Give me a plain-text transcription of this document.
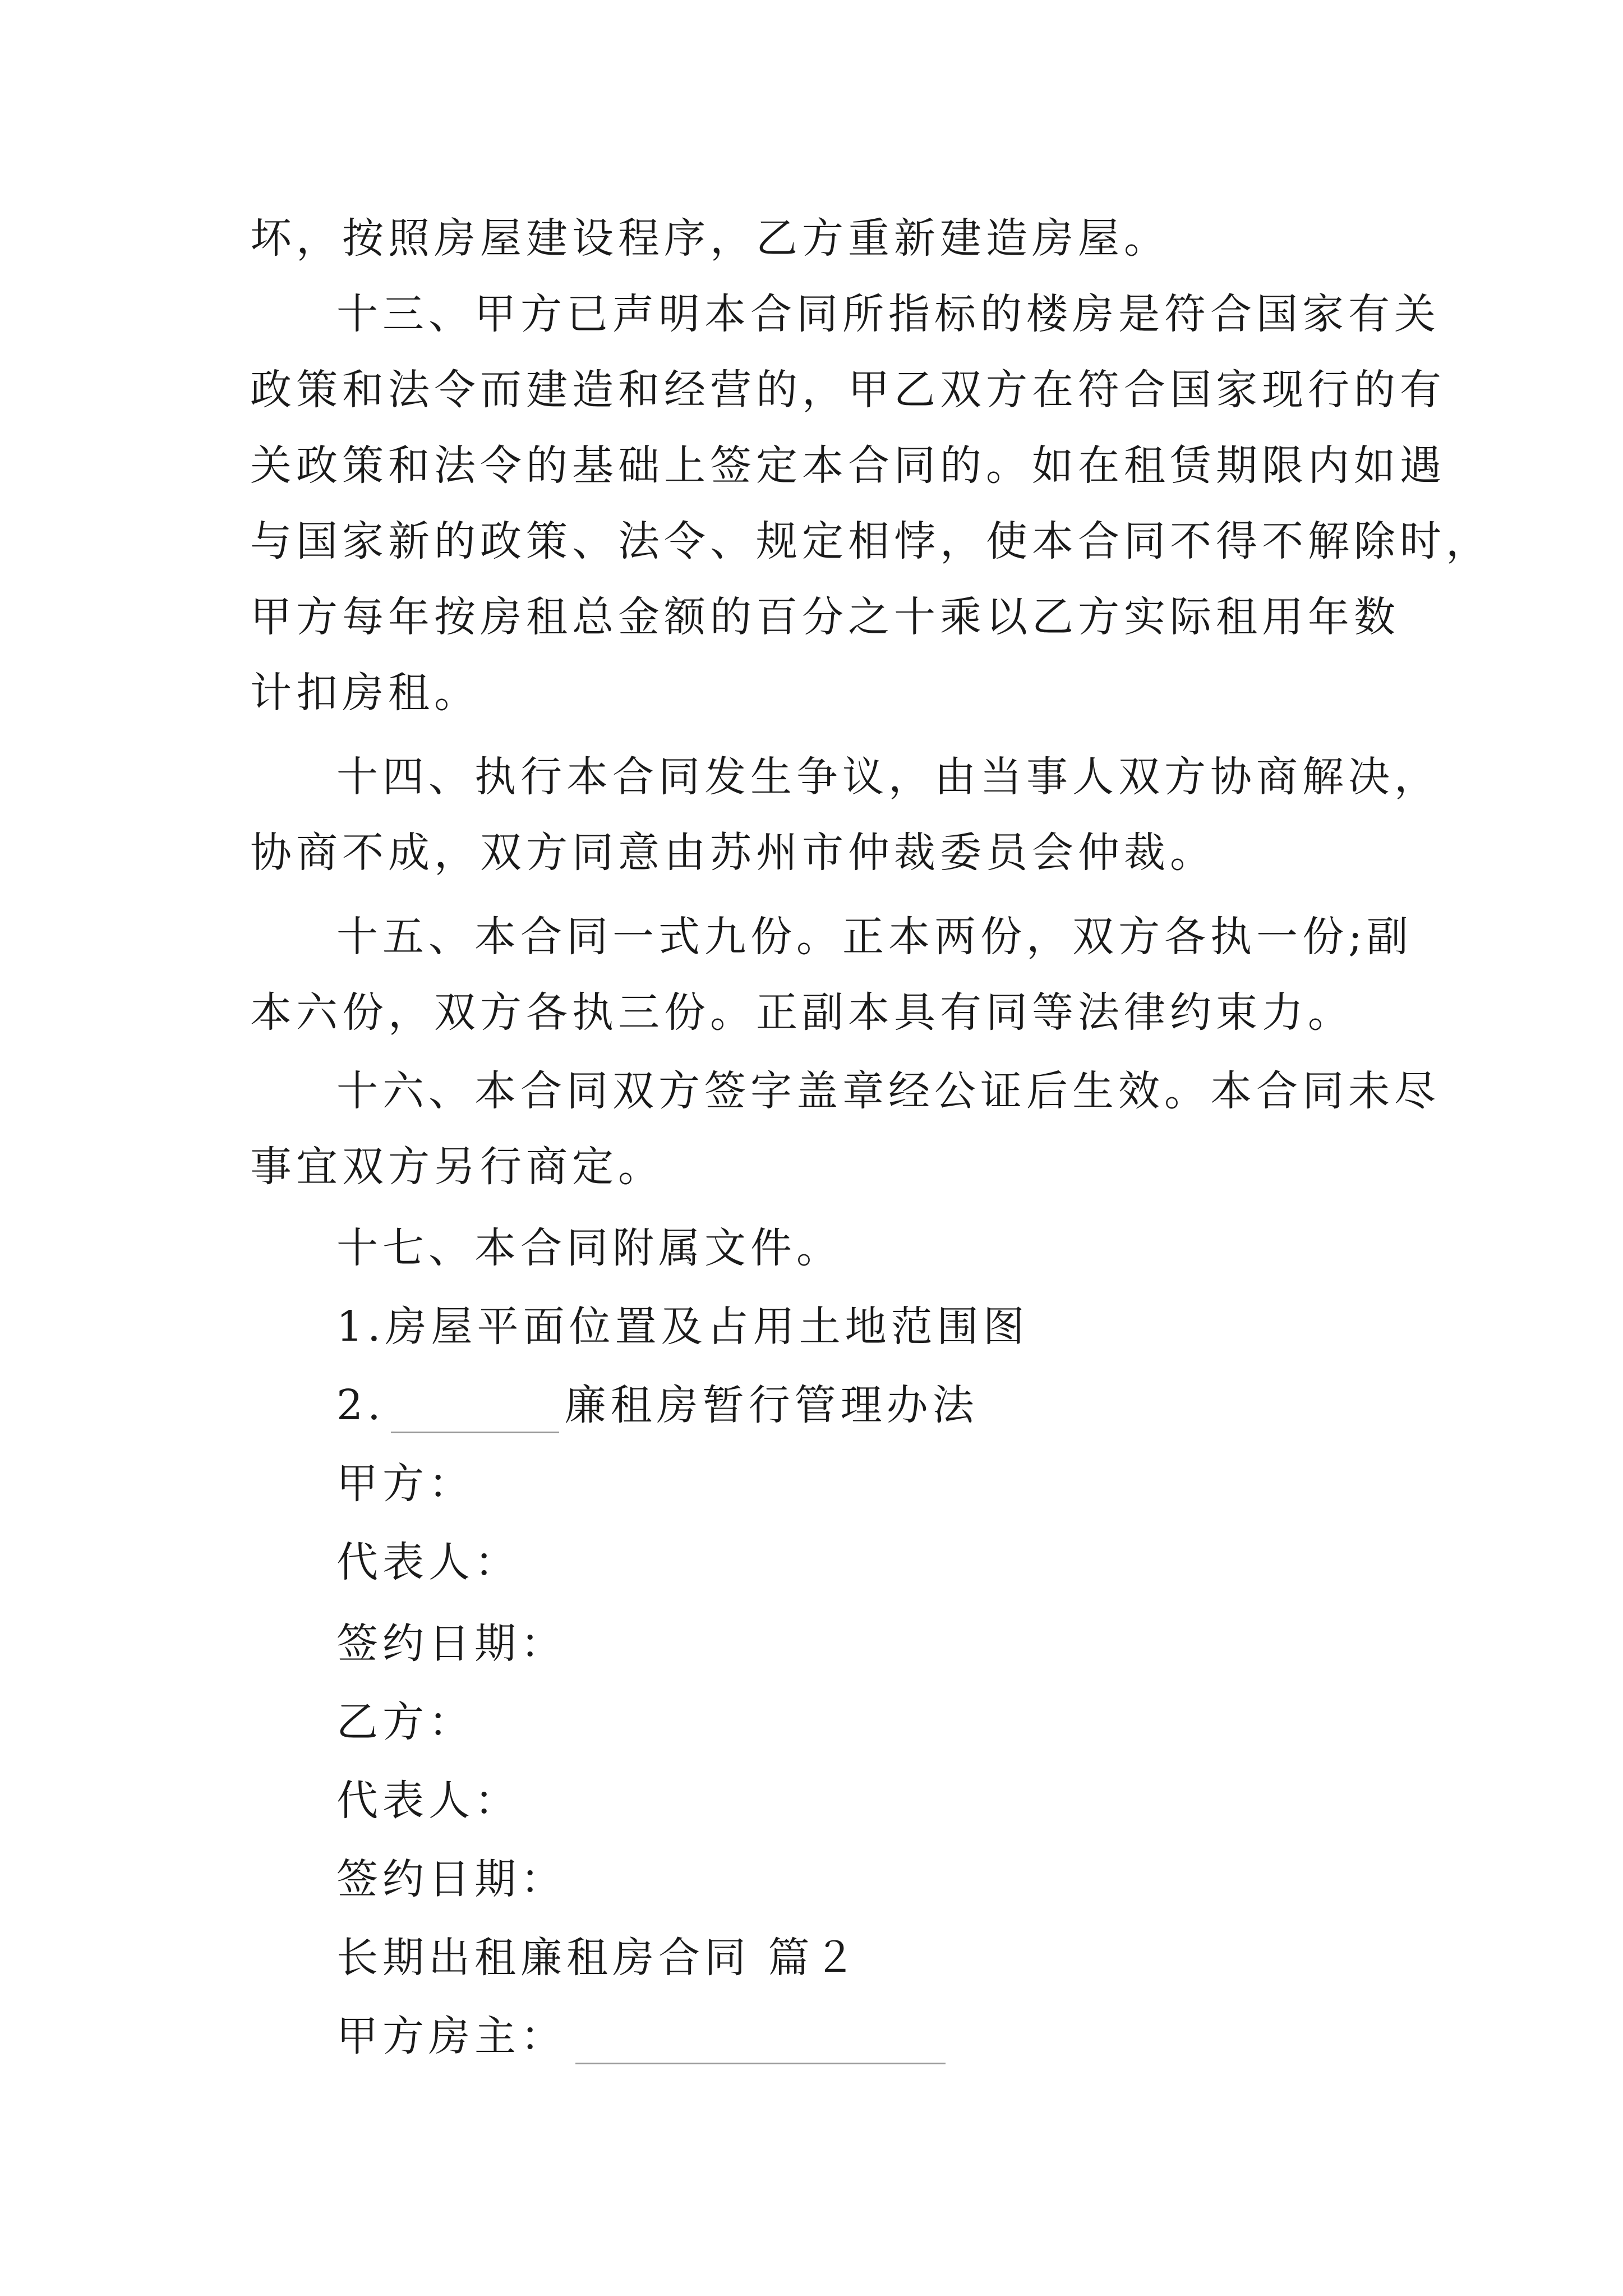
坏，按照房屋建设程序，乙方重新建造房屋。
十三、甲方已声明本合同所指标的楼房是符合国家有关
政策和法令而建造和经营的，甲乙双方在符合国家现行的有
关政策和法令的基础上签定本合同的。如在租赁期限内如遇
与国家新的政策、法令、规定相悖，使本合同不得不解除时，
甲方每年按房租总金额的百分之十乘以乙方实际租用年数
计扣房租。
十四、执行本合同发生争议，由当事人双方协商解决，
协商不成，双方同意由苏州市仲裁委员会仲裁。
十五、本合同一式九份。正本两份，双方各执一份;副
本六份，双方各执三份。正副本具有同等法律约束力。
十六、本合同双方签字盖章经公证后生效。本合同未尽
事宜双方另行商定。
十七、本合同附属文件。
1.房屋平面位置及占用土地范围图
2.	廉租房暂行管理办法
甲方：
代表人：
签约日期：
乙方：
代表人：
签约日期：
长期出租廉租房合同 篇２
甲方房主：
